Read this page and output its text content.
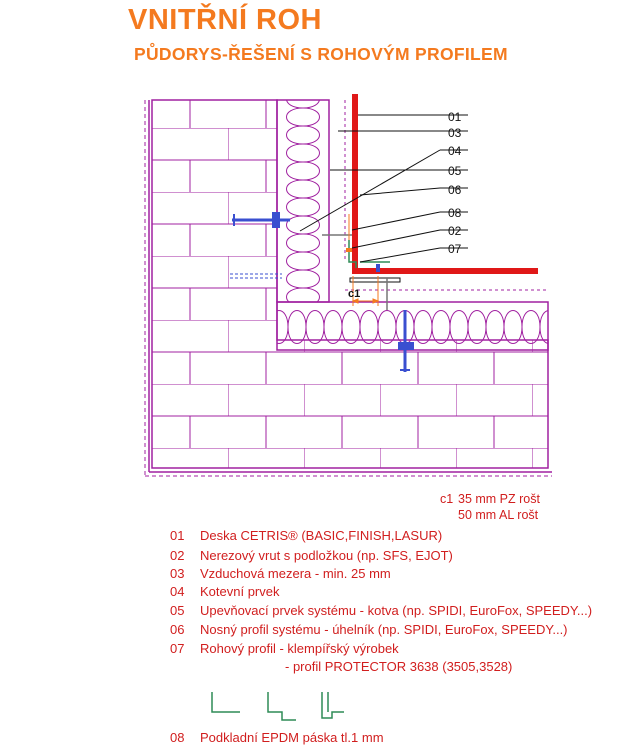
VNITŘNÍ ROH
PŮDORYS-ŘEŠENÍ S ROHOVÝM PROFILEM
c1
01
03
04
05
06
08
02
07
c1 35 mm PZ rošt
50 mm AL rošt
01	Deska CETRIS® (BASIC,FINISH,LASUR)
02	Nerezový vrut s podložkou (np. SFS, EJOT)
03	Vzduchová mezera - min. 25 mm
04	Kotevní prvek
05	Upevňovací prvek systému - kotva (np. SPIDI, EuroFox, SPEEDY...)
06	Nosný profil systému - úhelník (np. SPIDI, EuroFox, SPEEDY...)
07	Rohový profil - klempířský výrobek
- profil PROTECTOR 3638 (3505,3528)
08	Podkladní EPDM páska tl.1 mm
